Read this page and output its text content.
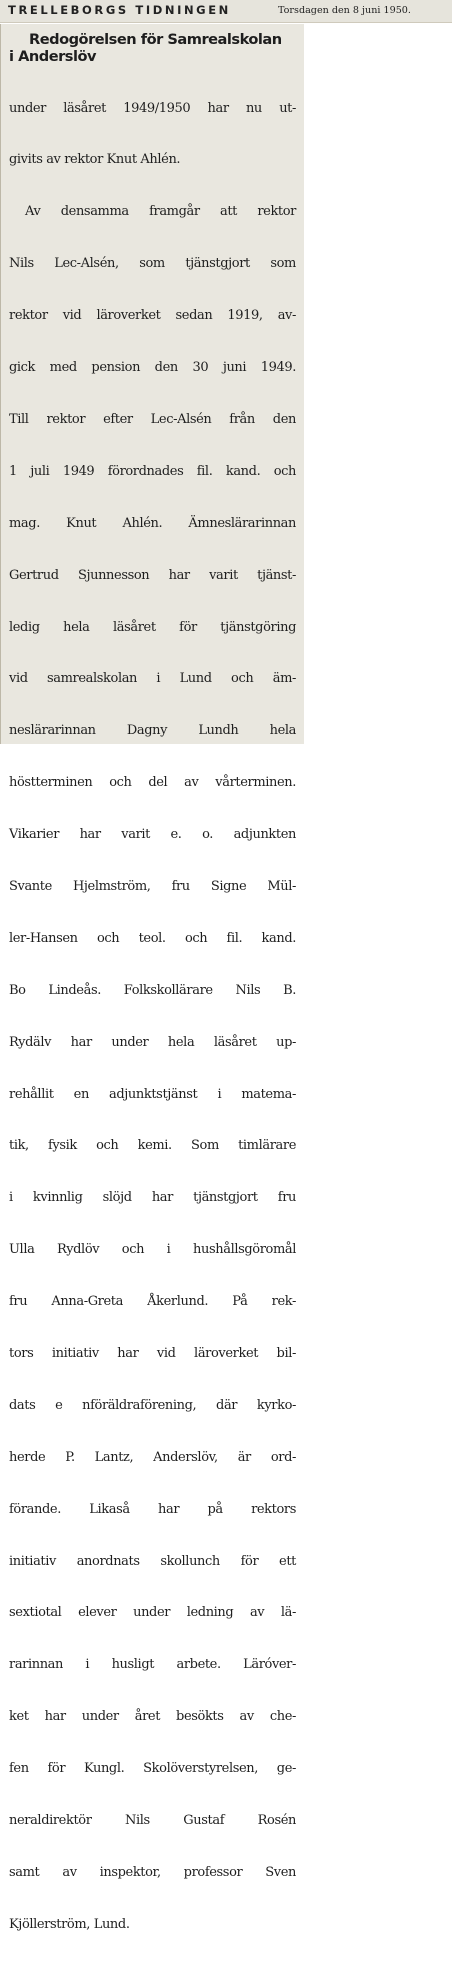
TRELLEBORGS TIDNINGEN	Torsdagen den 8 juni 1950.
Redogörelsen för Samrealskolan

i Anderslöv

under läsåret 1949/1950 har nu ut-

givits av rektor Knut Ahlén.

Av densamma framgår att rektor

Nils Lec-Alsén, som tjänstgjort som

rektor vid läroverket sedan 1919, av-

gick med pension den 30 juni 1949.

Till rektor efter Lec-Alsén från den

1 juli 1949 förordnades fil. kand. och

mag. Knut Ahlén. Ämneslärarinnan

Gertrud Sjunnesson har varit tjänst-

ledig hela läsåret för tjänstgöring

vid samrealskolan i Lund och äm-

neslärarinnan Dagny Lundh hela

höstterminen och del av vårterminen.

Vikarier har varit e. o. adjunkten

Svante Hjelmström, fru Signe Mül-

ler-Hansen och teol. och fil. kand.

Bo Lindeås. Folkskollärare Nils B.

Rydälv har under hela läsåret up-

rehållit en adjunktstjänst i matema-

tik, fysik och kemi. Som timlärare

i kvinnlig slöjd har tjänstgjort fru

Ulla Rydlöv och i hushållsgöromål

fru Anna-Greta Åkerlund. På rek-

tors initiativ har vid läroverket bil-

dats e nföräldraförening, där kyrko-

herde P. Lantz, Anderslöv, är ord-

förande. Likaså har på rektors

initiativ anordnats skollunch för ett

sextiotal elever under ledning av lä-

rarinnan i husligt arbete. Läróver-

ket har under året besökts av che-

fen för Kungl. Skolöverstyrelsen, ge-

neraldirektör Nils Gustaf Rosén

samt av inspektor, professor Sven

Kjöllerström, Lund.
